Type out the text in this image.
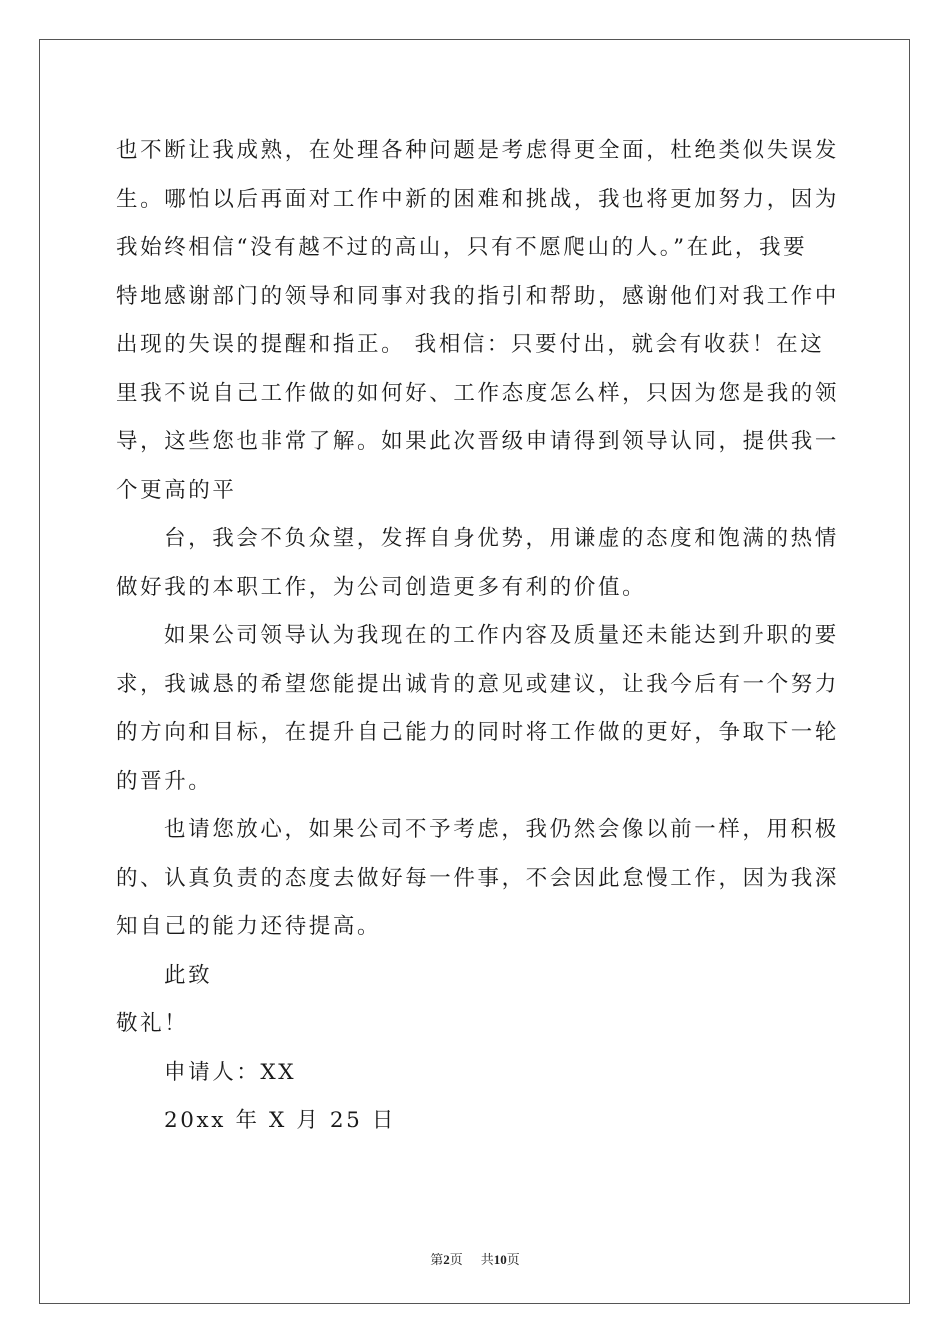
也不断让我成熟，在处理各种问题是考虑得更全面，杜绝类似失误发
生。哪怕以后再面对工作中新的困难和挑战，我也将更加努力，因为
我始终相信“没有越不过的高山，只有不愿爬山的人。”在此，我要
特地感谢部门的领导和同事对我的指引和帮助，感谢他们对我工作中
出现的失误的提醒和指正。 我相信：只要付出，就会有收获！在这
里我不说自己工作做的如何好、工作态度怎么样，只因为您是我的领
导，这些您也非常了解。如果此次晋级申请得到领导认同，提供我一
个更高的平
台，我会不负众望，发挥自身优势，用谦虚的态度和饱满的热情
做好我的本职工作，为公司创造更多有利的价值。
如果公司领导认为我现在的工作内容及质量还未能达到升职的要
求，我诚恳的希望您能提出诚肯的意见或建议，让我今后有一个努力
的方向和目标，在提升自己能力的同时将工作做的更好，争取下一轮
的晋升。
也请您放心，如果公司不予考虑，我仍然会像以前一样，用积极
的、认真负责的态度去做好每一件事，不会因此怠慢工作，因为我深
知自己的能力还待提高。
此致
敬礼！
申请人：XX
20xx 年 X 月 25 日
第2页 共10页
